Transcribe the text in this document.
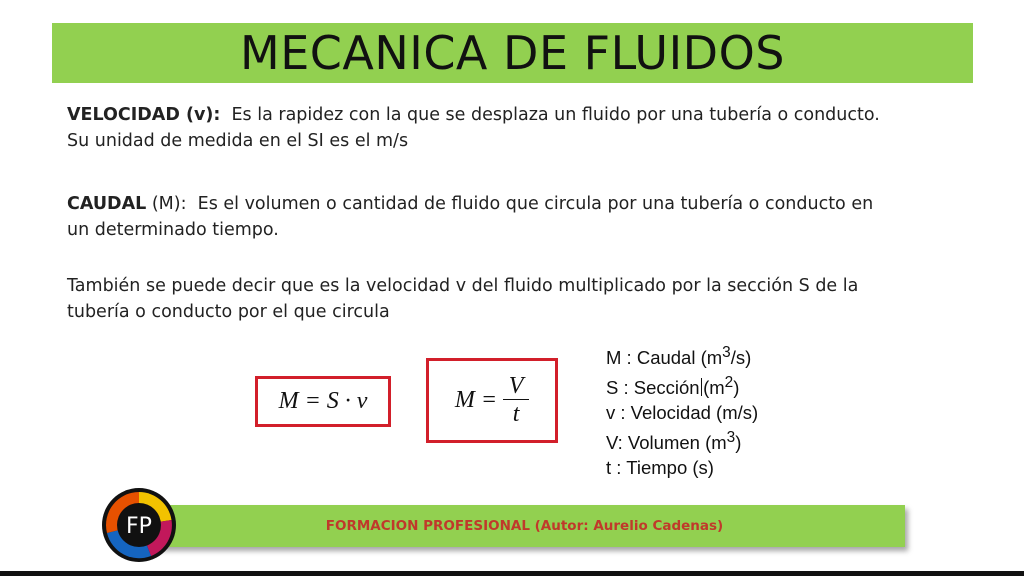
MECANICA DE FLUIDOS
VELOCIDAD (v): Es la rapidez con la que se desplaza un fluido por una tubería o conducto.
Su unidad de medida en el SI es el m/s
CAUDAL (M): Es el volumen o cantidad de fluido que circula por una tubería o conducto en
un determinado tiempo.
También se puede decir que es la velocidad v del fluido multiplicado por la sección S de la
tubería o conducto por el que circula
M = S · v	$M = \frac{V}{t}$
M : Caudal $(m^3/s)$
S : Sección $(m^2)$
v : Velocidad (m/s)
V: Volumen $(m^3)$
t : Tiempo (s)
FORMACION PROFESIONAL (Autor: Aurelio Cadenas)
FP
